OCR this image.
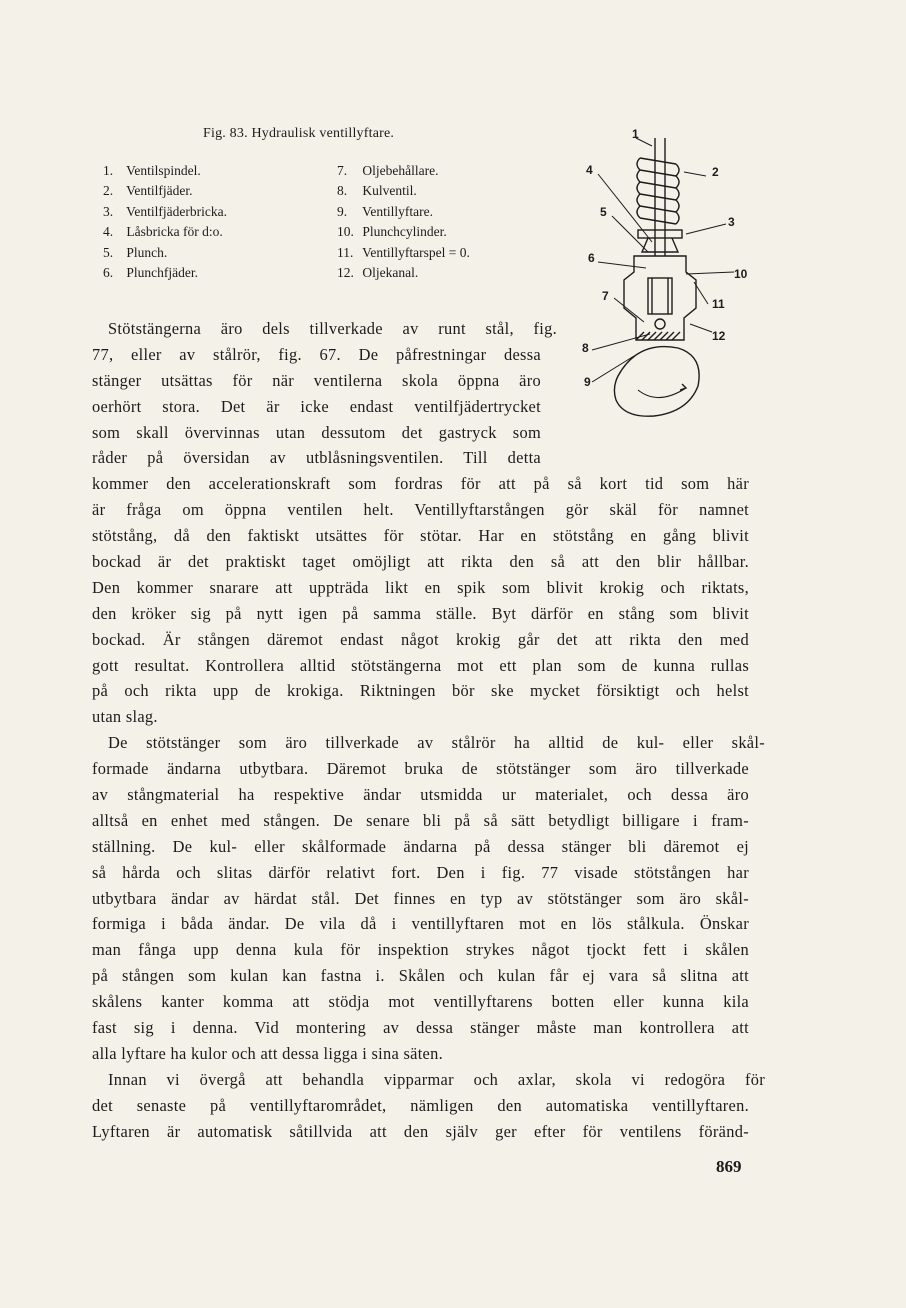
Fig. 83. Hydraulisk ventillyftare.
1. Ventilspindel.
2. Ventilfjäder.
3. Ventilfjäderbricka.
4. Låsbricka för d:o.
5. Plunch.
6. Plunchfjäder.
7. Oljebehållare.
8. Kulventil.
9. Ventillyftare.
10. Plunchcylinder.
11. Ventillyftarspel = 0.
12. Oljekanal.
1
2
3
4
5
6
7
8
9
10
11
12
Stötstängerna äro dels tillverkade av runt stål, fig.
77, eller av stålrör, fig. 67. De påfrestningar dessa
stänger utsättas för när ventilerna skola öppna äro
oerhört stora. Det är icke endast ventilfjädertrycket
som skall övervinnas utan dessutom det gastryck som
råder på översidan av utblåsningsventilen. Till detta
kommer den accelerationskraft som fordras för att på så kort tid som här
är fråga om öppna ventilen helt. Ventillyftarstången gör skäl för namnet
stötstång, då den faktiskt utsättes för stötar. Har en stötstång en gång blivit
bockad är det praktiskt taget omöjligt att rikta den så att den blir hållbar.
Den kommer snarare att uppträda likt en spik som blivit krokig och riktats,
den kröker sig på nytt igen på samma ställe. Byt därför en stång som blivit
bockad. Är stången däremot endast något krokig går det att rikta den med
gott resultat. Kontrollera alltid stötstängerna mot ett plan som de kunna rullas
på och rikta upp de krokiga. Riktningen bör ske mycket försiktigt och helst
utan slag.
De stötstänger som äro tillverkade av stålrör ha alltid de kul- eller skål-
formade ändarna utbytbara. Däremot bruka de stötstänger som äro tillverkade
av stångmaterial ha respektive ändar utsmidda ur materialet, och dessa äro
alltså en enhet med stången. De senare bli på så sätt betydligt billigare i fram-
ställning. De kul- eller skålformade ändarna på dessa stänger bli däremot ej
så hårda och slitas därför relativt fort. Den i fig. 77 visade stötstången har
utbytbara ändar av härdat stål. Det finnes en typ av stötstänger som äro skål-
formiga i båda ändar. De vila då i ventillyftaren mot en lös stålkula. Önskar
man fånga upp denna kula för inspektion strykes något tjockt fett i skålen
på stången som kulan kan fastna i. Skålen och kulan får ej vara så slitna att
skålens kanter komma att stödja mot ventillyftarens botten eller kunna kila
fast sig i denna. Vid montering av dessa stänger måste man kontrollera att
alla lyftare ha kulor och att dessa ligga i sina säten.
Innan vi övergå att behandla vipparmar och axlar, skola vi redogöra för
det senaste på ventillyftarområdet, nämligen den automatiska ventillyftaren.
Lyftaren är automatisk såtillvida att den själv ger efter för ventilens föränd-
869
